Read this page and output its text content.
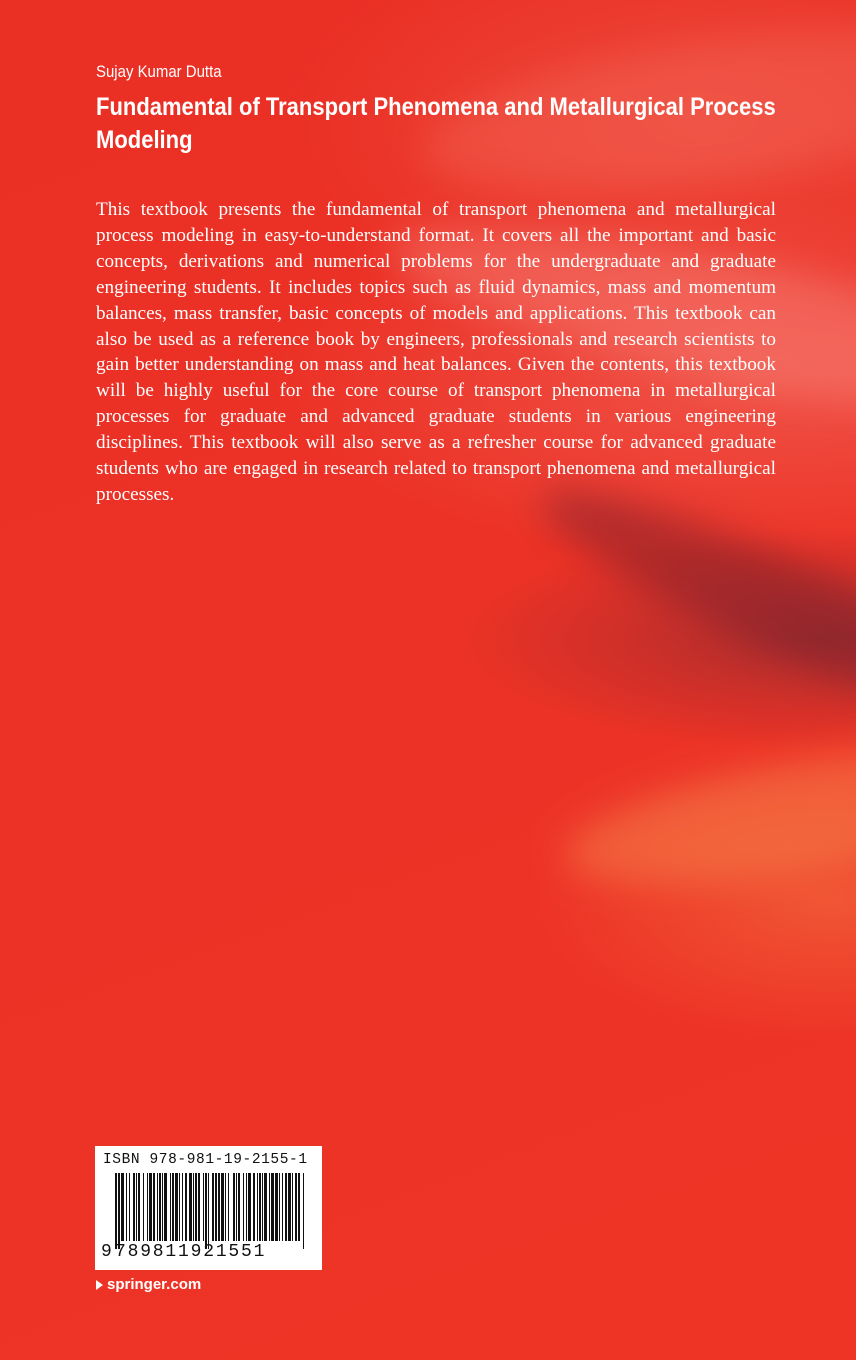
Sujay Kumar Dutta
Fundamental of Transport Phenomena and Metallurgical Process Modeling
This textbook presents the fundamental of transport phenomena and metallurgical process modeling in easy-to-understand format. It covers all the important and basic concepts, derivations and numerical problems for the undergraduate and graduate engineering students. It includes topics such as fluid dynamics, mass and momentum balances, mass transfer, basic concepts of models and applications. This textbook can also be used as a reference book by engineers, professionals and research scientists to gain better understanding on mass and heat balances. Given the contents, this textbook will be highly useful for the core course of transport phenomena in metallurgical processes for graduate and advanced graduate students in various engineering disciplines. This textbook will also serve as a refresher course for advanced graduate students who are engaged in research related to transport phenomena and metallurgical processes.
ISBN 978-981-19-2155-1
9789811921551
springer.com
